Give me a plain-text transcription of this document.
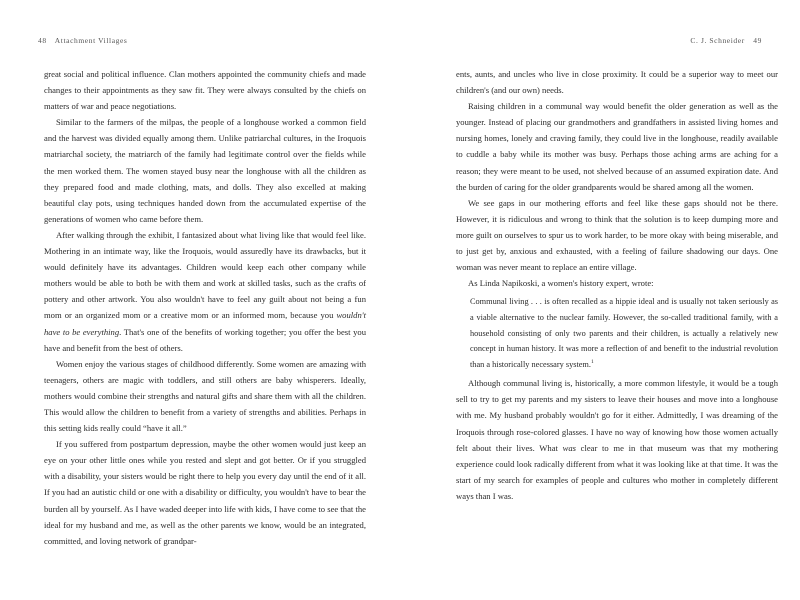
48 Attachment Villages

great social and political influence. Clan mothers appointed the community chiefs and made changes to their appointments as they saw fit. They were always consulted by the chiefs on matters of war and peace negotiations.

Similar to the farmers of the milpas, the people of a longhouse worked a common field and the harvest was divided equally among them. Unlike patriarchal cultures, in the Iroquois matriarchal society, the matriarch of the family had legitimate control over the fields while the men worked them. The women stayed busy near the longhouse with all the children as they prepared food and made clothing, mats, and dolls. They also excelled at making beautiful clay pots, using techniques handed down from the accumulated expertise of the generations of women who came before them.

After walking through the exhibit, I fantasized about what living like that would feel like. Mothering in an intimate way, like the Iroquois, would assuredly have its drawbacks, but it would definitely have its advantages. Children would keep each other company while mothers would be able to both be with them and work at skilled tasks, such as the crafts of pottery and other artwork. You also wouldn't have to feel any guilt about not being a fun mom or an organized mom or a creative mom or an informed mom, because you wouldn't have to be everything. That's one of the benefits of working together; you offer the best you have and benefit from the best of others.

Women enjoy the various stages of childhood differently. Some women are amazing with teenagers, others are magic with toddlers, and still others are baby whisperers. Ideally, mothers would combine their strengths and natural gifts and share them with all the children. This would allow the children to benefit from a variety of strengths and abilities. Perhaps in this setting kids really could “have it all.”

If you suffered from postpartum depression, maybe the other women would just keep an eye on your other little ones while you rested and slept and got better. Or if you struggled with a disability, your sisters would be right there to help you every day until the end of it all. If you had an autistic child or one with a disability or difficulty, you wouldn't have to bear the burden all by yourself. As I have waded deeper into life with kids, I have come to see that the ideal for my husband and me, as well as the other parents we know, would be an integrated, committed, and loving network of grandpar-

C. J. Schneider 49

ents, aunts, and uncles who live in close proximity. It could be a superior way to meet our children's (and our own) needs.

Raising children in a communal way would benefit the older generation as well as the younger. Instead of placing our grandmothers and grandfathers in assisted living homes and nursing homes, lonely and craving family, they could live in the longhouse, readily available to cuddle a baby while its mother was busy. Perhaps those aching arms are aching for a reason; they were meant to be used, not shelved because of an assumed expiration date. And the burden of caring for the older grandparents would be shared among all the women.

We see gaps in our mothering efforts and feel like these gaps should not be there. However, it is ridiculous and wrong to think that the solution is to keep dumping more and more guilt on ourselves to spur us to work harder, to be more okay with being miserable, and to just get by, anxious and exhausted, with a feeling of failure shadowing our days. One woman was never meant to replace an entire village.

As Linda Napikoski, a women's history expert, wrote:

Communal living . . . is often recalled as a hippie ideal and is usually not taken seriously as a viable alternative to the nuclear family. However, the so-called traditional family, with a household consisting of only two parents and their children, is actually a relatively new concept in human history. It was more a reflection of and benefit to the industrial revolution than a historically necessary system.$^1$

Although communal living is, historically, a more common lifestyle, it would be a tough sell to try to get my parents and my sisters to leave their houses and move into a longhouse with me. My husband probably wouldn't go for it either. Admittedly, I was dreaming of the Iroquois through rose-colored glasses. I have no way of knowing how those women actually felt about their lives. What was clear to me in that museum was that my mothering experience could look radically different from what it was looking like at that time. It was the start of my search for examples of people and cultures who mother in completely different ways than I was.
